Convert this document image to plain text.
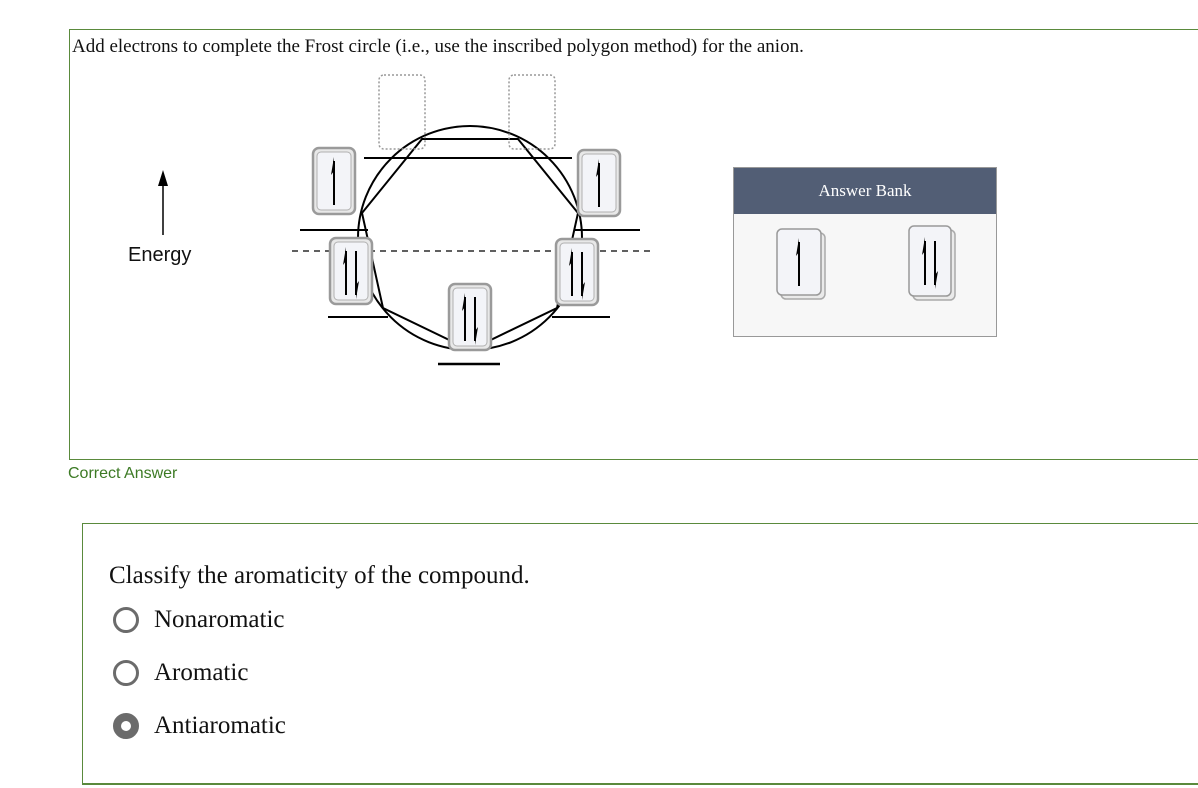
Add electrons to complete the Frost circle (i.e., use the inscribed polygon method) for the anion.
Energy
Answer Bank
Correct Answer
Classify the aromaticity of the compound.
Nonaromatic
Aromatic
Antiaromatic
